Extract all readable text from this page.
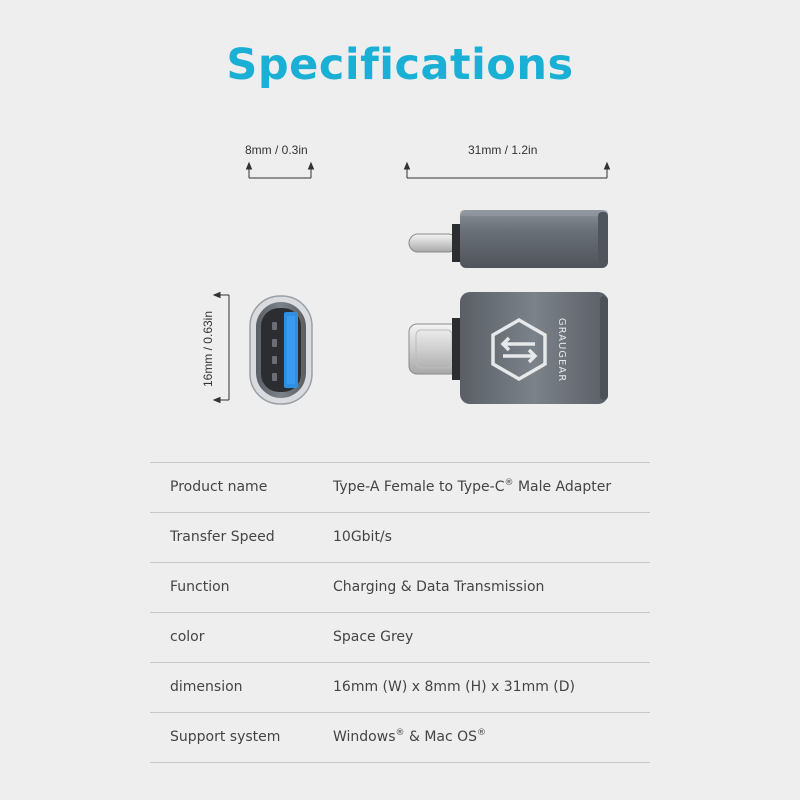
Specifications
8mm / 0.3in	31mm / 1.2in
16mm / 0.63in	GRAUGEAR
Product name	Type-A Female to Type-C® Male Adapter
Transfer Speed	10Gbit/s
Function	Charging & Data Transmission
color	Space Grey
dimension	16mm (W) x 8mm (H) x 31mm (D)
Support system	Windows® & Mac OS®
